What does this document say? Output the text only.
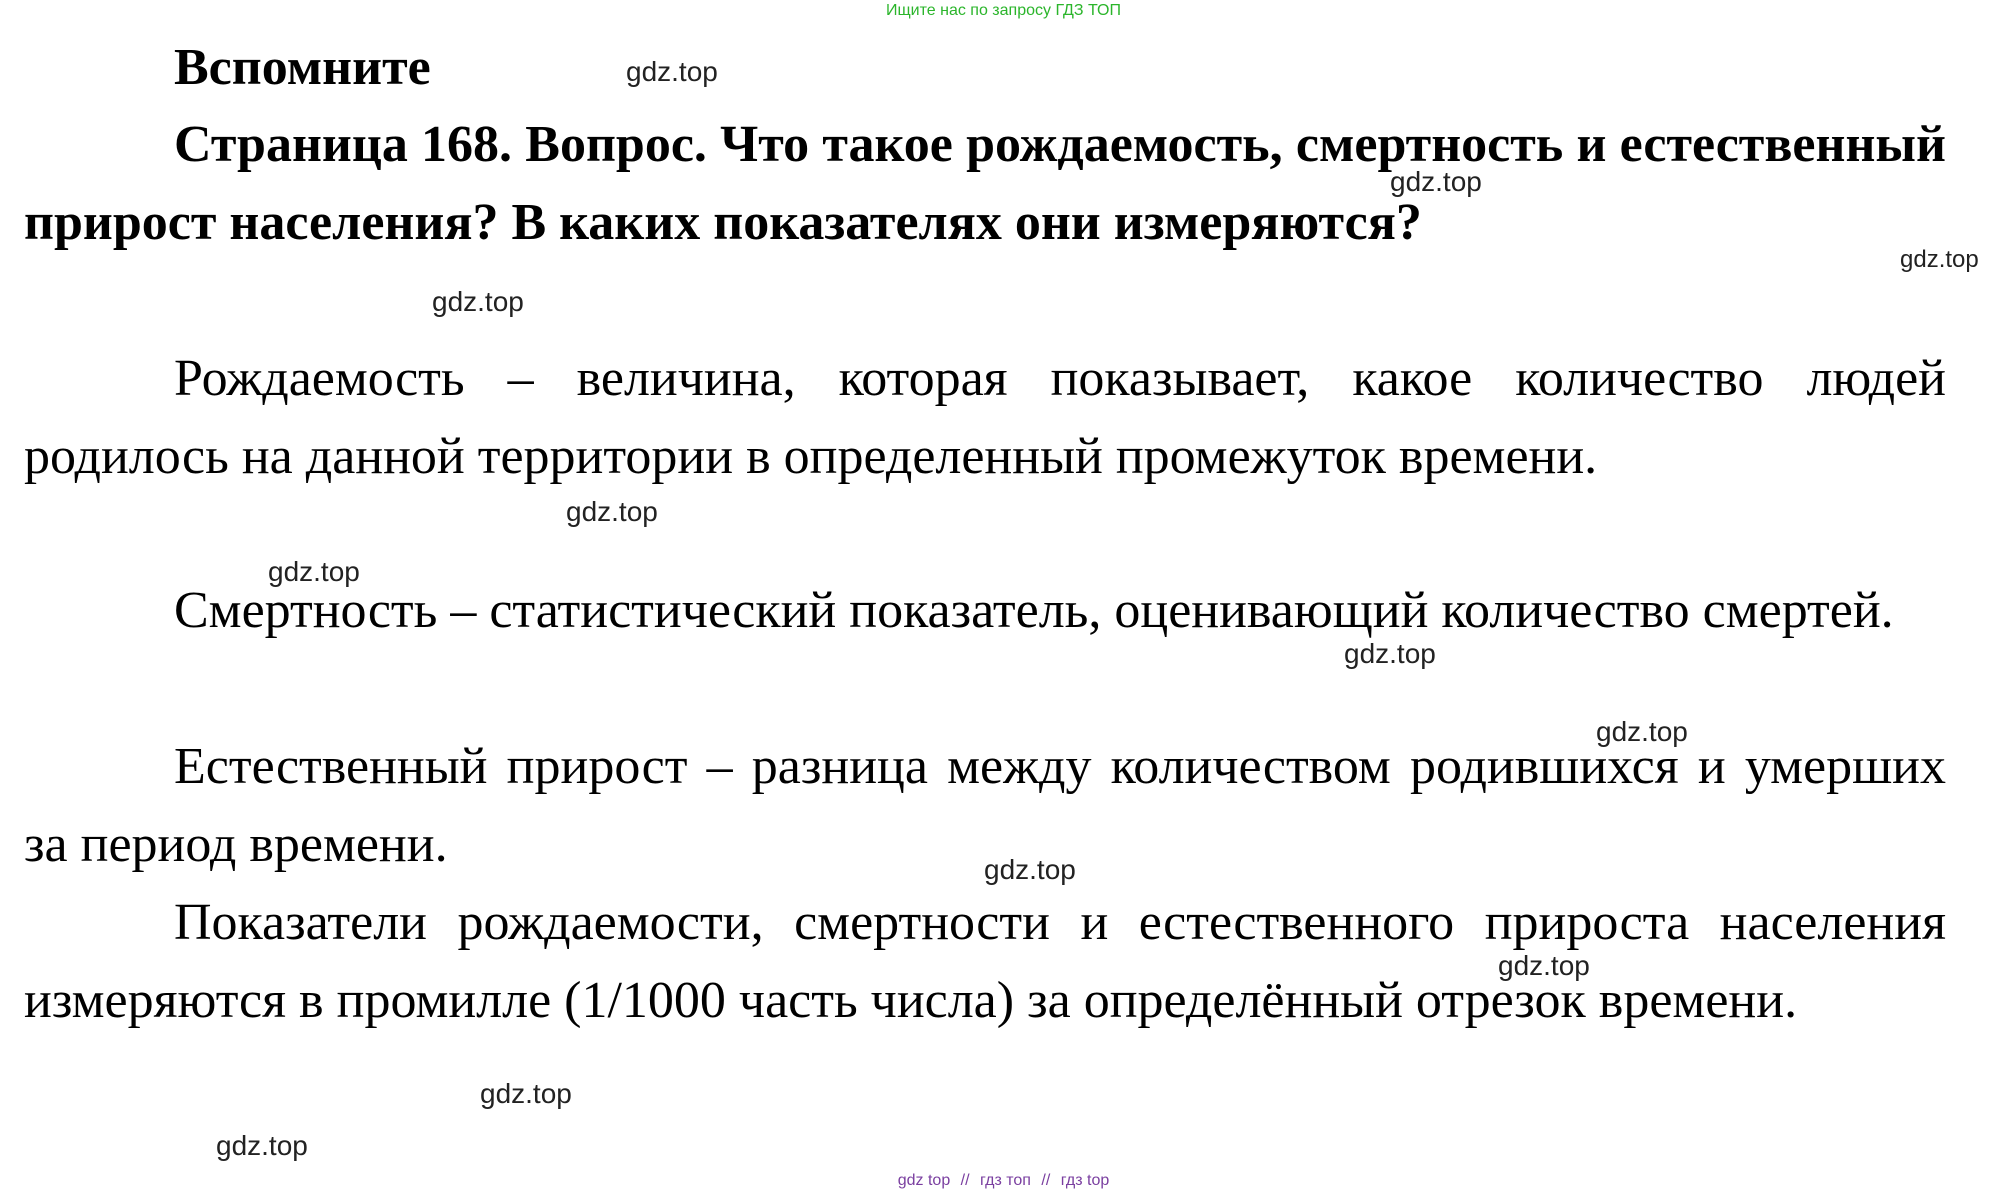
Ищите нас по запросу ГДЗ ТОП
Вспомните
Страница 168. Вопрос. Что такое рождаемость, смертность и естественный прирост населения? В каких показателях они измеряются?
Рождаемость – величина, которая показывает, какое количество людей родилось на данной территории в определенный промежуток времени.
Смертность – статистический показатель, оценивающий количество смертей.
Естественный прирост – разница между количеством родившихся и умерших за период времени.
Показатели рождаемости, смертности и естественного прироста населения измеряются в промилле (1/1000 часть числа) за определённый отрезок времени.
gdz.top
gdz.top
gdz.top
gdz.top
gdz.top
gdz.top
gdz.top
gdz.top
gdz.top
gdz.top
gdz.top
gdz.top
gdz top // гдз топ // гдз top
